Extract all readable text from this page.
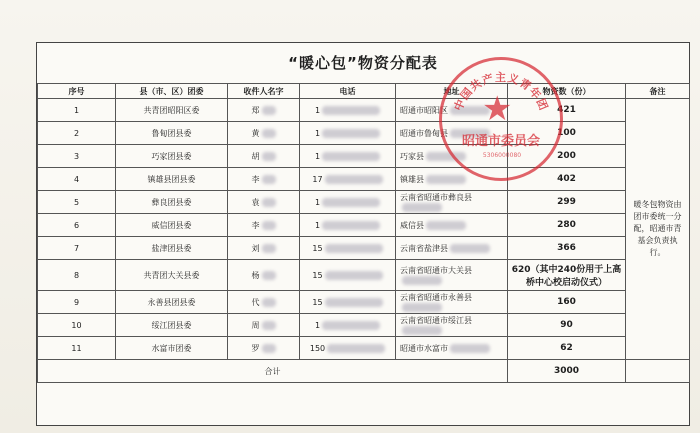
“暖心包”物资分配表
序号	县（市、区）团委	收件人名字	电话	地址	物资数（份）	备注
1	共青团昭阳区委	郑	1	昭通市昭阳区	421	暖冬包物资由团市委统一分配，昭通市青基会负责执行。
2	鲁甸团县委	黄	1	昭通市鲁甸县	100	
3	巧家团县委	胡	1	巧家县	200	
4	镇雄县团县委	李	17	镇雄县	402	
5	彝良团县委	袁	1	云南省昭通市彝良县	299	
6	威信团县委	李	1	威信县	280	
7	盐津团县委	刘	15	云南省盐津县	366	
8	共青团大关县委	杨	15	云南省昭通市大关县	620（其中240份用于上高桥中心校启动仪式）	
9	永善县团县委	代	15	云南省昭通市永善县	160	
10	绥江团县委	周	1	云南省昭通市绥江县	90	
11	水富市团委	罗	150	昭通市水富市	62	
合计					3000	
中国共产主义青年团
★
昭通市委员会
5306000080
